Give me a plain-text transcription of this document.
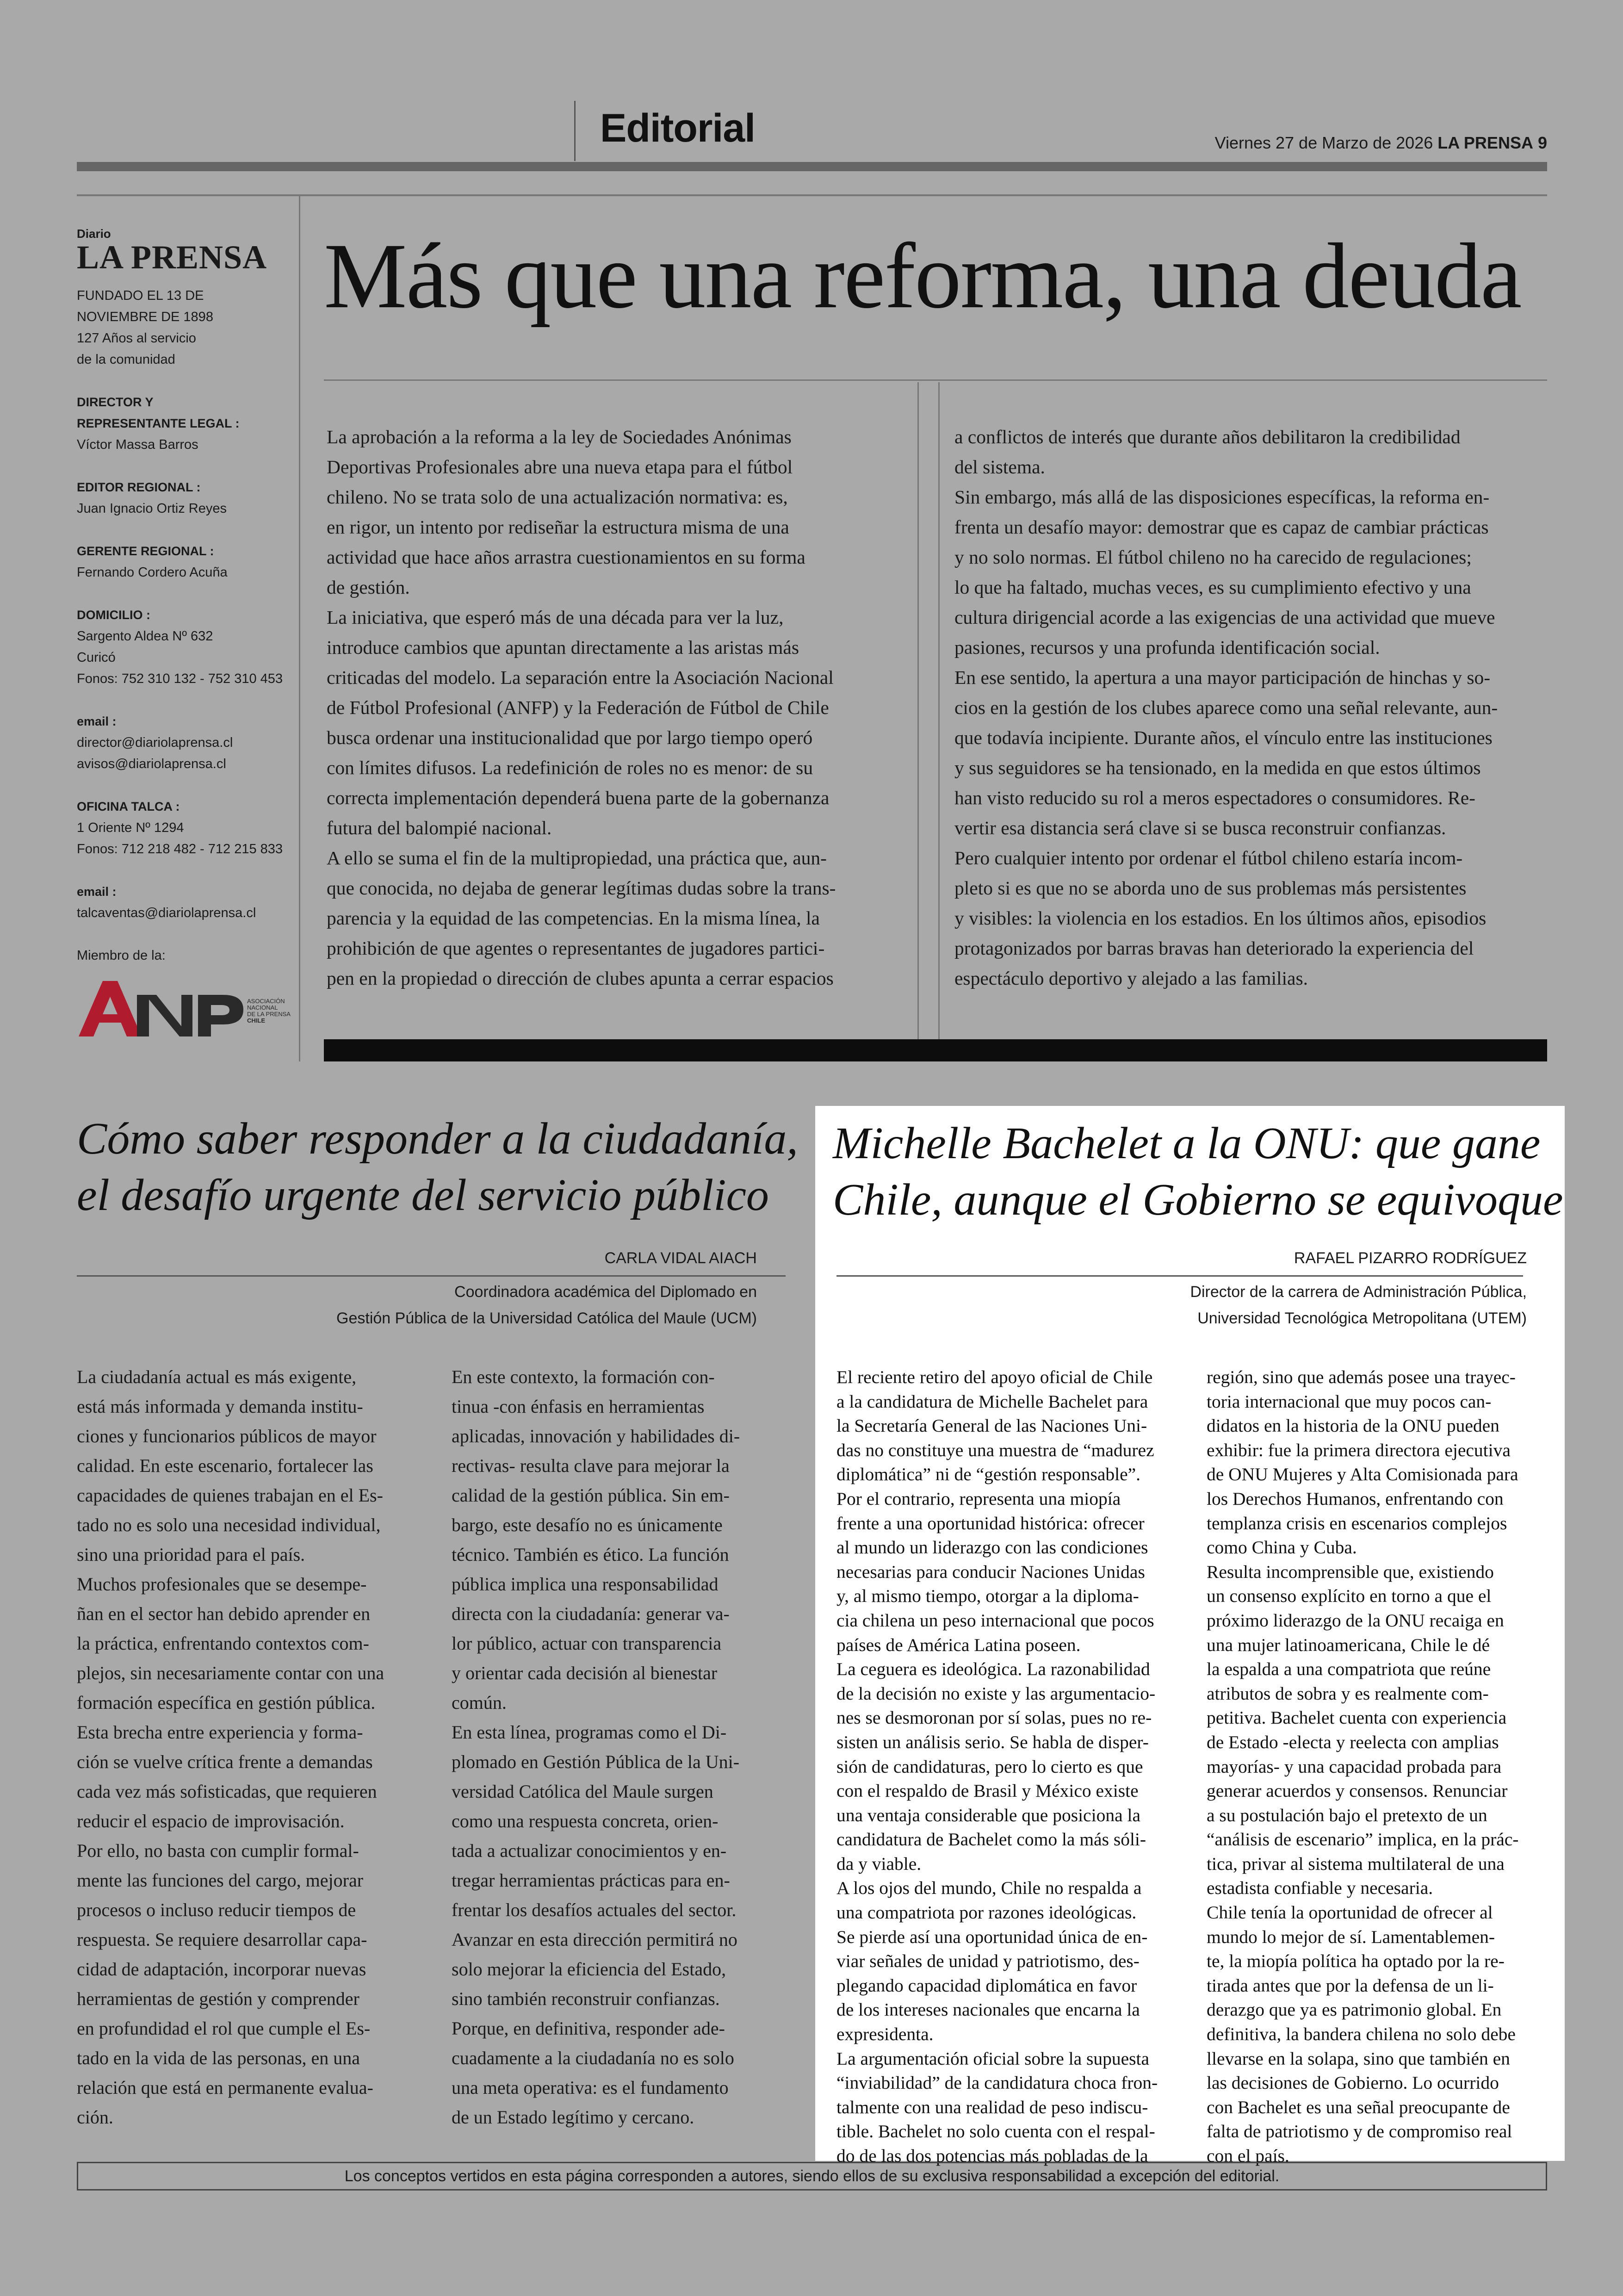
Editorial	Viernes 27 de Marzo de 2026 LA PRENSA 9
Diario
LA PRENSA
FUNDADO EL 13 DE
NOVIEMBRE DE 1898
127 Años al servicio
de la comunidad
DIRECTOR Y
REPRESENTANTE LEGAL :
Víctor Massa Barros
EDITOR REGIONAL :
Juan Ignacio Ortiz Reyes
GERENTE REGIONAL :
Fernando Cordero Acuña
DOMICILIO :
Sargento Aldea Nº 632
Curicó
Fonos: 752 310 132 - 752 310 453
email :
director@diariolaprensa.cl
avisos@diariolaprensa.cl
OFICINA TALCA :
1 Oriente Nº 1294
Fonos: 712 218 482 - 712 215 833
email :
talcaventas@diariolaprensa.cl
Miembro de la:
ASOCIACIÓN
NACIONAL
DE LA PRENSA
CHILE
Más que una reforma, una deuda
La aprobación a la reforma a la ley de Sociedades Anónimas
Deportivas Profesionales abre una nueva etapa para el fútbol
chileno. No se trata solo de una actualización normativa: es,
en rigor, un intento por rediseñar la estructura misma de una
actividad que hace años arrastra cuestionamientos en su forma
de gestión.
La iniciativa, que esperó más de una década para ver la luz,
introduce cambios que apuntan directamente a las aristas más
criticadas del modelo. La separación entre la Asociación Nacional
de Fútbol Profesional (ANFP) y la Federación de Fútbol de Chile
busca ordenar una institucionalidad que por largo tiempo operó
con límites difusos. La redefinición de roles no es menor: de su
correcta implementación dependerá buena parte de la gobernanza
futura del balompié nacional.
A ello se suma el fin de la multipropiedad, una práctica que, aun-
que conocida, no dejaba de generar legítimas dudas sobre la trans-
parencia y la equidad de las competencias. En la misma línea, la
prohibición de que agentes o representantes de jugadores partici-
pen en la propiedad o dirección de clubes apunta a cerrar espacios
a conflictos de interés que durante años debilitaron la credibilidad
del sistema.
Sin embargo, más allá de las disposiciones específicas, la reforma en-
frenta un desafío mayor: demostrar que es capaz de cambiar prácticas
y no solo normas. El fútbol chileno no ha carecido de regulaciones;
lo que ha faltado, muchas veces, es su cumplimiento efectivo y una
cultura dirigencial acorde a las exigencias de una actividad que mueve
pasiones, recursos y una profunda identificación social.
En ese sentido, la apertura a una mayor participación de hinchas y so-
cios en la gestión de los clubes aparece como una señal relevante, aun-
que todavía incipiente. Durante años, el vínculo entre las instituciones
y sus seguidores se ha tensionado, en la medida en que estos últimos
han visto reducido su rol a meros espectadores o consumidores. Re-
vertir esa distancia será clave si se busca reconstruir confianzas.
Pero cualquier intento por ordenar el fútbol chileno estaría incom-
pleto si es que no se aborda uno de sus problemas más persistentes
y visibles: la violencia en los estadios. En los últimos años, episodios
protagonizados por barras bravas han deteriorado la experiencia del
espectáculo deportivo y alejado a las familias.
Cómo saber responder a la ciudadanía,
el desafío urgente del servicio público
CARLA VIDAL AIACH
Coordinadora académica del Diplomado en
Gestión Pública de la Universidad Católica del Maule (UCM)
La ciudadanía actual es más exigente,
está más informada y demanda institu-
ciones y funcionarios públicos de mayor
calidad. En este escenario, fortalecer las
capacidades de quienes trabajan en el Es-
tado no es solo una necesidad individual,
sino una prioridad para el país.
Muchos profesionales que se desempe-
ñan en el sector han debido aprender en
la práctica, enfrentando contextos com-
plejos, sin necesariamente contar con una
formación específica en gestión pública.
Esta brecha entre experiencia y forma-
ción se vuelve crítica frente a demandas
cada vez más sofisticadas, que requieren
reducir el espacio de improvisación.
Por ello, no basta con cumplir formal-
mente las funciones del cargo, mejorar
procesos o incluso reducir tiempos de
respuesta. Se requiere desarrollar capa-
cidad de adaptación, incorporar nuevas
herramientas de gestión y comprender
en profundidad el rol que cumple el Es-
tado en la vida de las personas, en una
relación que está en permanente evalua-
ción.
En este contexto, la formación con-
tinua -con énfasis en herramientas
aplicadas, innovación y habilidades di-
rectivas- resulta clave para mejorar la
calidad de la gestión pública. Sin em-
bargo, este desafío no es únicamente
técnico. También es ético. La función
pública implica una responsabilidad
directa con la ciudadanía: generar va-
lor público, actuar con transparencia
y orientar cada decisión al bienestar
común.
En esta línea, programas como el Di-
plomado en Gestión Pública de la Uni-
versidad Católica del Maule surgen
como una respuesta concreta, orien-
tada a actualizar conocimientos y en-
tregar herramientas prácticas para en-
frentar los desafíos actuales del sector.
Avanzar en esta dirección permitirá no
solo mejorar la eficiencia del Estado,
sino también reconstruir confianzas.
Porque, en definitiva, responder ade-
cuadamente a la ciudadanía no es solo
una meta operativa: es el fundamento
de un Estado legítimo y cercano.
Michelle Bachelet a la ONU: que gane
Chile, aunque el Gobierno se equivoque
RAFAEL PIZARRO RODRÍGUEZ
Director de la carrera de Administración Pública,
Universidad Tecnológica Metropolitana (UTEM)
El reciente retiro del apoyo oficial de Chile
a la candidatura de Michelle Bachelet para
la Secretaría General de las Naciones Uni-
das no constituye una muestra de “madurez
diplomática” ni de “gestión responsable”.
Por el contrario, representa una miopía
frente a una oportunidad histórica: ofrecer
al mundo un liderazgo con las condiciones
necesarias para conducir Naciones Unidas
y, al mismo tiempo, otorgar a la diploma-
cia chilena un peso internacional que pocos
países de América Latina poseen.
La ceguera es ideológica. La razonabilidad
de la decisión no existe y las argumentacio-
nes se desmoronan por sí solas, pues no re-
sisten un análisis serio. Se habla de disper-
sión de candidaturas, pero lo cierto es que
con el respaldo de Brasil y México existe
una ventaja considerable que posiciona la
candidatura de Bachelet como la más sóli-
da y viable.
A los ojos del mundo, Chile no respalda a
una compatriota por razones ideológicas.
Se pierde así una oportunidad única de en-
viar señales de unidad y patriotismo, des-
plegando capacidad diplomática en favor
de los intereses nacionales que encarna la
expresidenta.
La argumentación oficial sobre la supuesta
“inviabilidad” de la candidatura choca fron-
talmente con una realidad de peso indiscu-
tible. Bachelet no solo cuenta con el respal-
do de las dos potencias más pobladas de la
región, sino que además posee una trayec-
toria internacional que muy pocos can-
didatos en la historia de la ONU pueden
exhibir: fue la primera directora ejecutiva
de ONU Mujeres y Alta Comisionada para
los Derechos Humanos, enfrentando con
templanza crisis en escenarios complejos
como China y Cuba.
Resulta incomprensible que, existiendo
un consenso explícito en torno a que el
próximo liderazgo de la ONU recaiga en
una mujer latinoamericana, Chile le dé
la espalda a una compatriota que reúne
atributos de sobra y es realmente com-
petitiva. Bachelet cuenta con experiencia
de Estado -electa y reelecta con amplias
mayorías- y una capacidad probada para
generar acuerdos y consensos. Renunciar
a su postulación bajo el pretexto de un
“análisis de escenario” implica, en la prác-
tica, privar al sistema multilateral de una
estadista confiable y necesaria.
Chile tenía la oportunidad de ofrecer al
mundo lo mejor de sí. Lamentablemen-
te, la miopía política ha optado por la re-
tirada antes que por la defensa de un li-
derazgo que ya es patrimonio global. En
definitiva, la bandera chilena no solo debe
llevarse en la solapa, sino que también en
las decisiones de Gobierno. Lo ocurrido
con Bachelet es una señal preocupante de
falta de patriotismo y de compromiso real
con el país.
Los conceptos vertidos en esta página corresponden a autores, siendo ellos de su exclusiva responsabilidad a excepción del editorial.
